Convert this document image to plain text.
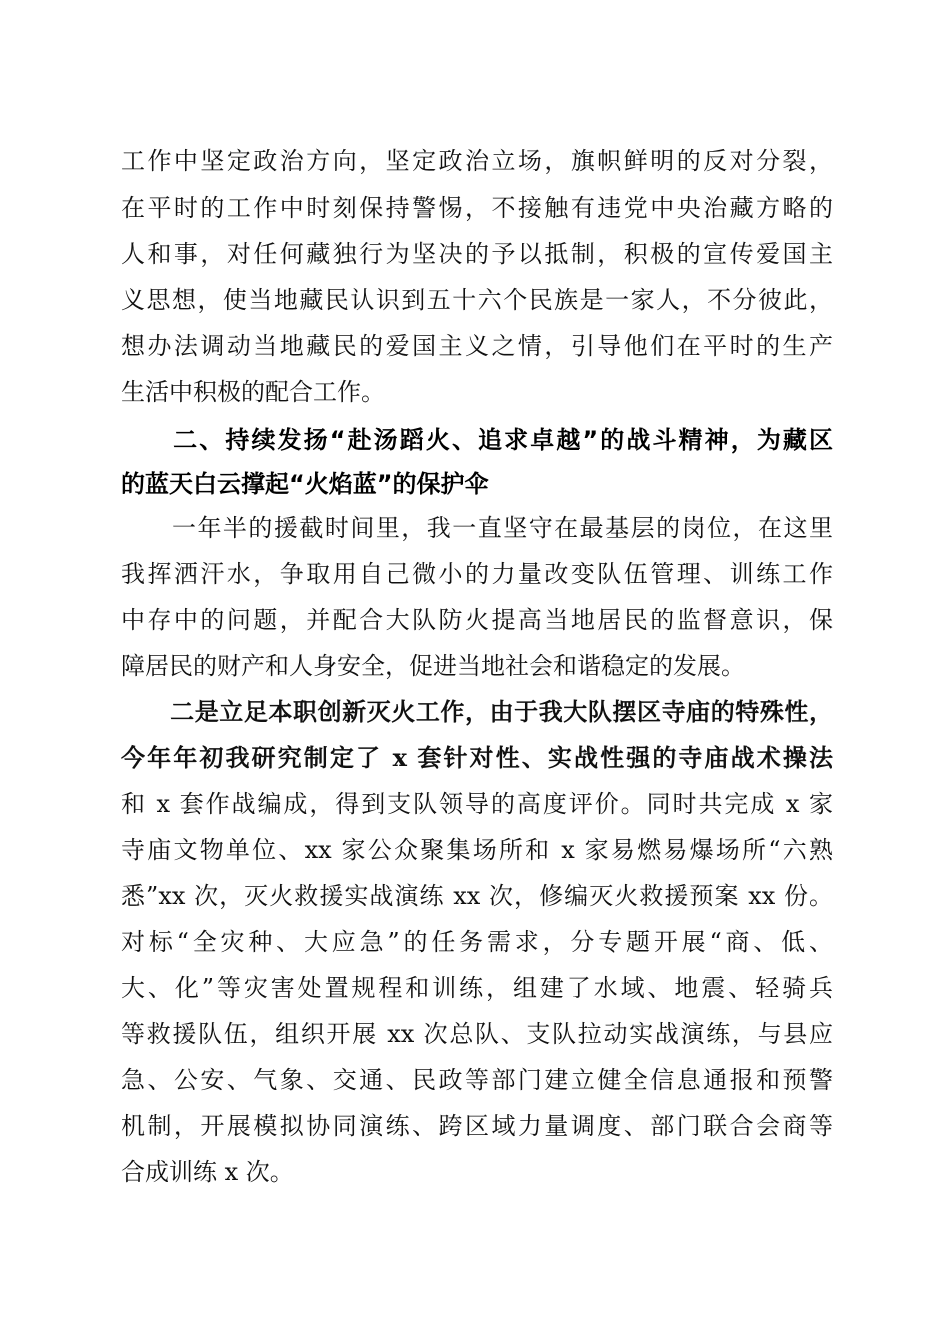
工作中坚定政治方向，坚定政治立场，旗帜鲜明的反对分裂，
在平时的工作中时刻保持警惕，不接触有违党中央治藏方略的
人和事，对任何藏独行为坚决的予以抵制，积极的宣传爱国主
义思想，使当地藏民认识到五十六个民族是一家人，不分彼此，
想办法调动当地藏民的爱国主义之情，引导他们在平时的生产
生活中积极的配合工作。
　　二、持续发扬“赴汤蹈火、追求卓越”的战斗精神，为藏区
的蓝天白云撑起“火焰蓝”的保护伞
　　一年半的援截时间里，我一直坚守在最基层的岗位，在这里
我挥洒汗水，争取用自己微小的力量改变队伍管理、训练工作
中存中的问题，并配合大队防火提高当地居民的监督意识，保
障居民的财产和人身安全，促进当地社会和谐稳定的发展。
　　二是立足本职创新灭火工作，由于我大队摆区寺庙的特殊性，
今年年初我研究制定了 x 套针对性、实战性强的寺庙战术操法
和 x 套作战编成，得到支队领导的高度评价。同时共完成 x 家
寺庙文物单位、xx 家公众聚集场所和 x 家易燃易爆场所“六熟
悉”xx 次，灭火救援实战演练 xx 次，修编灭火救援预案 xx 份。
对标“全灾种、大应急”的任务需求，分专题开展“商、低、
大、化”等灾害处置规程和训练，组建了水域、地震、轻骑兵
等救援队伍，组织开展 xx 次总队、支队拉动实战演练，与县应
急、公安、气象、交通、民政等部门建立健全信息通报和预警
机制，开展模拟协同演练、跨区域力量调度、部门联合会商等
合成训练 x 次。
